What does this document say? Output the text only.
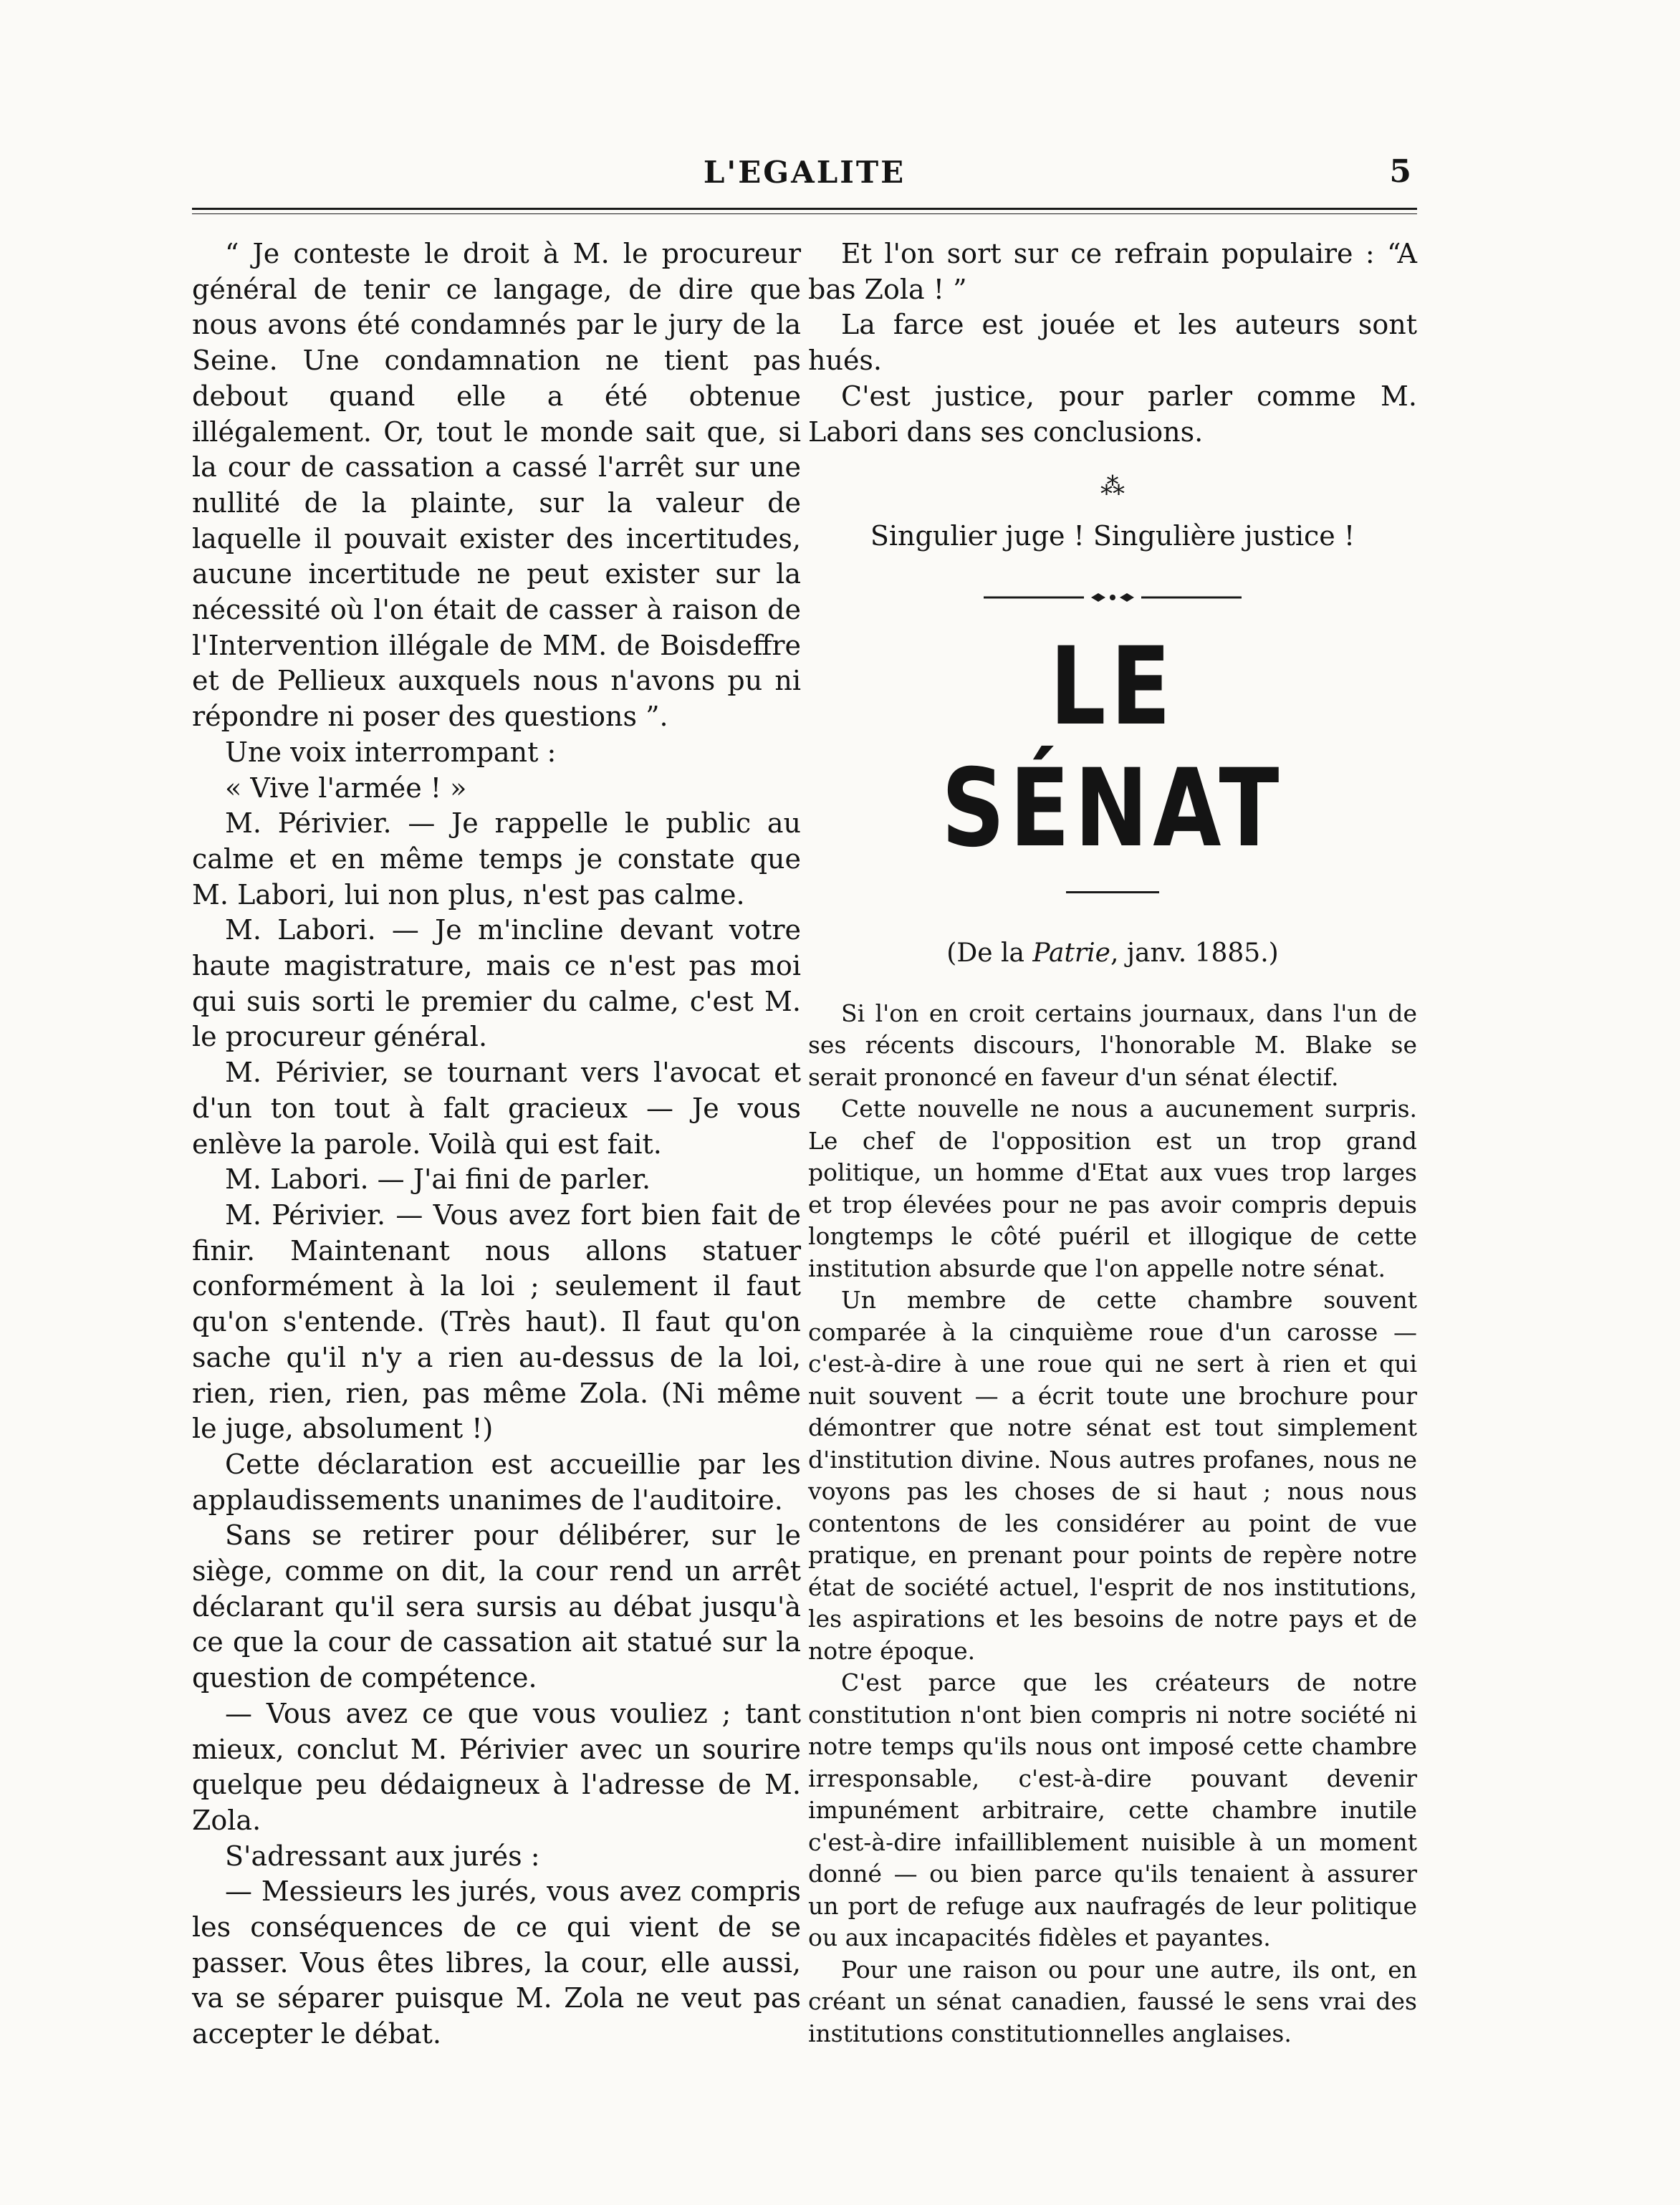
L'EGALITE	5

“ Je conteste le droit à M. le procureur général de tenir ce langage, de dire que nous avons été condamnés par le jury de la Seine. Une condamnation ne tient pas debout quand elle a été obtenue illégalement. Or, tout le monde sait que, si la cour de cassation a cassé l'arrêt sur une nullité de la plainte, sur la valeur de laquelle il pouvait exister des incertitudes, aucune incertitude ne peut exister sur la nécessité où l'on était de casser à raison de l'Intervention illégale de MM. de Boisdeffre et de Pellieux auxquels nous n'avons pu ni répondre ni poser des questions ”.

Une voix interrompant :

« Vive l'armée ! »

M. Périvier. — Je rappelle le public au calme et en même temps je constate que M. Labori, lui non plus, n'est pas calme.

M. Labori. — Je m'incline devant votre haute magistrature, mais ce n'est pas moi qui suis sorti le premier du calme, c'est M. le procureur général.

M. Périvier, se tournant vers l'avocat et d'un ton tout à falt gracieux — Je vous enlève la parole. Voilà qui est fait.

M. Labori. — J'ai fini de parler.

M. Périvier. — Vous avez fort bien fait de finir. Maintenant nous allons statuer conformément à la loi ; seulement il faut qu'on s'entende. (Très haut). Il faut qu'on sache qu'il n'y a rien au-dessus de la loi, rien, rien, rien, pas même Zola. (Ni même le juge, absolument !)

Cette déclaration est accueillie par les applaudissements unanimes de l'auditoire.

Sans se retirer pour délibérer, sur le siège, comme on dit, la cour rend un arrêt déclarant qu'il sera sursis au débat jusqu'à ce que la cour de cassation ait statué sur la question de compétence.

— Vous avez ce que vous vouliez ; tant mieux, conclut M. Périvier avec un sourire quelque peu dédaigneux à l'adresse de M. Zola.

S'adressant aux jurés :

— Messieurs les jurés, vous avez compris les conséquences de ce qui vient de se passer. Vous êtes libres, la cour, elle aussi, va se séparer puisque M. Zola ne veut pas accepter le débat.

Et l'on sort sur ce refrain populaire : “A bas Zola ! ”

La farce est jouée et les auteurs sont hués.

C'est justice, pour parler comme M. Labori dans ses conclusions.

⁂

Singulier juge ! Singulière justice !

LE SÉNAT
(De la Patrie, janv. 1885.)

Si l'on en croit certains journaux, dans l'un de ses récents discours, l'honorable M. Blake se serait prononcé en faveur d'un sénat électif.

Cette nouvelle ne nous a aucunement surpris. Le chef de l'opposition est un trop grand politique, un homme d'Etat aux vues trop larges et trop élevées pour ne pas avoir compris depuis longtemps le côté puéril et illogique de cette institution absurde que l'on appelle notre sénat.

Un membre de cette chambre souvent comparée à la cinquième roue d'un carosse — c'est-à-dire à une roue qui ne sert à rien et qui nuit souvent — a écrit toute une brochure pour démontrer que notre sénat est tout simplement d'institution divine. Nous autres profanes, nous ne voyons pas les choses de si haut ; nous nous contentons de les considérer au point de vue pratique, en prenant pour points de repère notre état de société actuel, l'esprit de nos institutions, les aspirations et les besoins de notre pays et de notre époque.

C'est parce que les créateurs de notre constitution n'ont bien compris ni notre société ni notre temps qu'ils nous ont imposé cette chambre irresponsable, c'est-à-dire pouvant devenir impunément arbitraire, cette chambre inutile c'est-à-dire infailliblement nuisible à un moment donné — ou bien parce qu'ils tenaient à assurer un port de refuge aux naufragés de leur politique ou aux incapacités fidèles et payantes.

Pour une raison ou pour une autre, ils ont, en créant un sénat canadien, faussé le sens vrai des institutions constitutionnelles anglaises.
